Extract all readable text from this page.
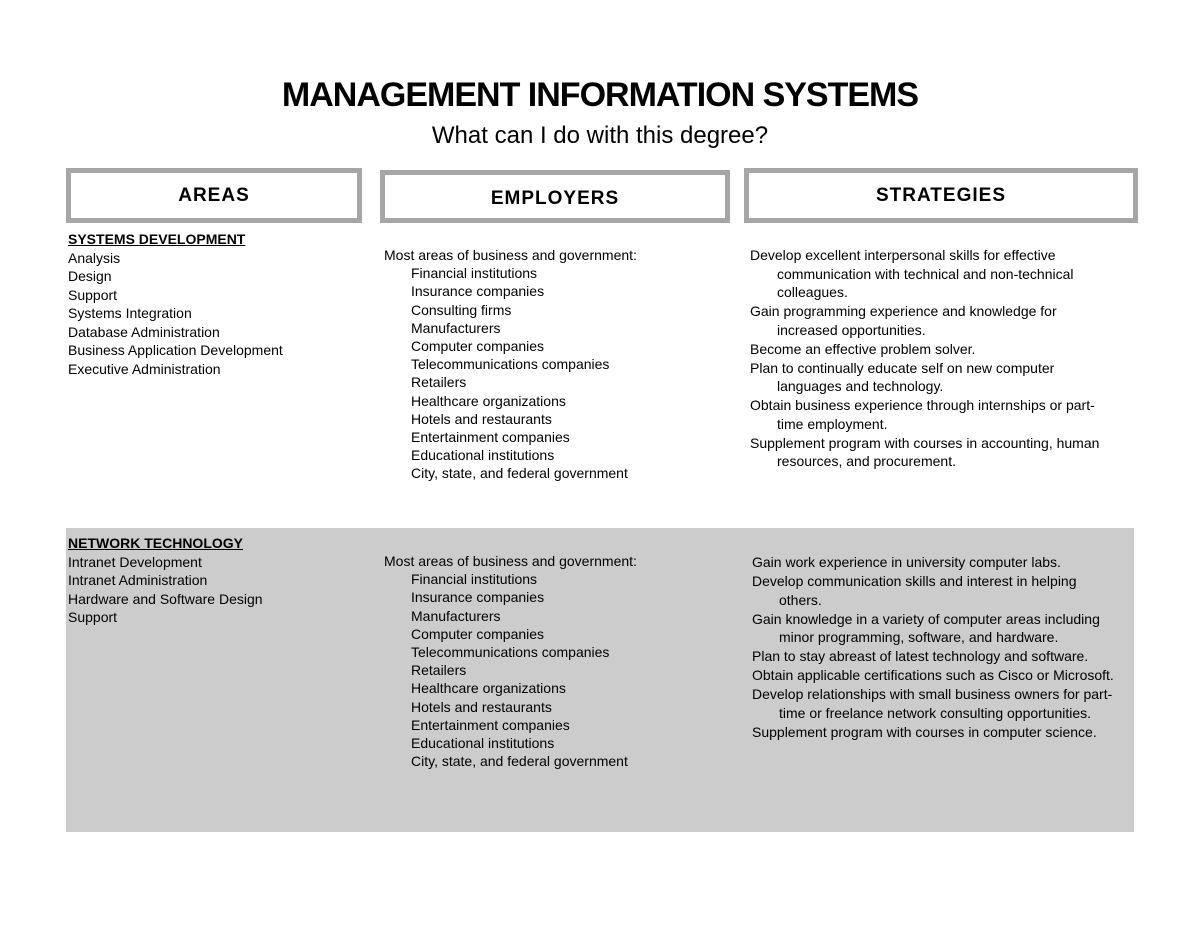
MANAGEMENT INFORMATION SYSTEMS
What can I do with this degree?
AREAS	EMPLOYERS	STRATEGIES
SYSTEMS DEVELOPMENT
Analysis
Design
Support
Systems Integration
Database Administration
Business Application Development
Executive Administration
Most areas of business and government:
Financial institutions
Insurance companies
Consulting firms
Manufacturers
Computer companies
Telecommunications companies
Retailers
Healthcare organizations
Hotels and restaurants
Entertainment companies
Educational institutions
City, state, and federal government
Develop excellent interpersonal skills for effective communication with technical and non-technical colleagues.
Gain programming experience and knowledge for increased opportunities.
Become an effective problem solver.
Plan to continually educate self on new computer languages and technology.
Obtain business experience through internships or part-time employment.
Supplement program with courses in accounting, human resources, and procurement.
NETWORK TECHNOLOGY
Intranet Development
Intranet Administration
Hardware and Software Design
Support
Most areas of business and government:
Financial institutions
Insurance companies
Manufacturers
Computer companies
Telecommunications companies
Retailers
Healthcare organizations
Hotels and restaurants
Entertainment companies
Educational institutions
City, state, and federal government
Gain work experience in university computer labs.
Develop communication skills and interest in helping others.
Gain knowledge in a variety of computer areas including minor programming, software, and hardware.
Plan to stay abreast of latest technology and software.
Obtain applicable certifications such as Cisco or Microsoft.
Develop relationships with small business owners for part-time or freelance network consulting opportunities.
Supplement program with courses in computer science.
